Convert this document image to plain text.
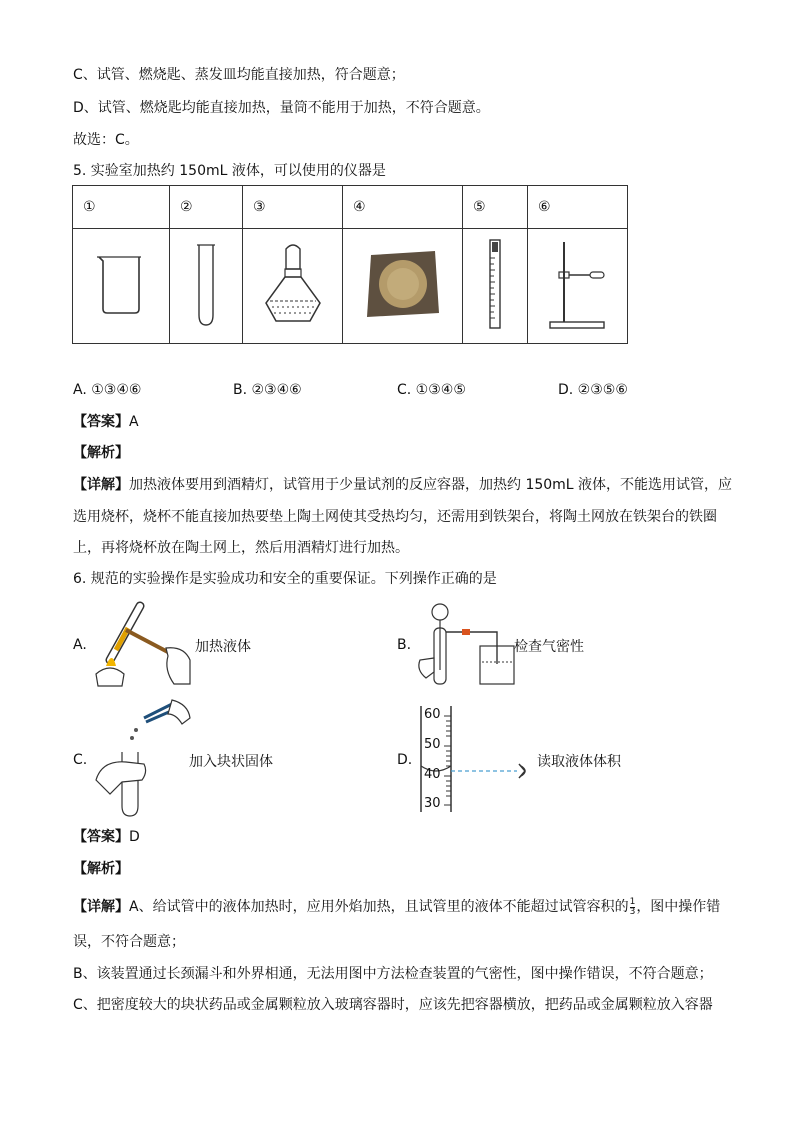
C、试管、燃烧匙、蒸发皿均能直接加热，符合题意；
D、试管、燃烧匙均能直接加热，量筒不能用于加热，不符合题意。
故选：C。
5. 实验室加热约 150mL 液体，可以使用的仪器是
①	②	③	④	⑤	⑥

A. ①③④⑥	B. ②③④⑥	C. ①③④⑤	D. ②③⑤⑥
【答案】A
【解析】
【详解】加热液体要用到酒精灯，试管用于少量试剂的反应容器，加热约 150mL 液体，不能选用试管，应
选用烧杯，烧杯不能直接加热要垫上陶土网使其受热均匀，还需用到铁架台，将陶土网放在铁架台的铁圈
上，再将烧杯放在陶土网上，然后用酒精灯进行加热。
6. 规范的实验操作是实验成功和安全的重要保证。下列操作正确的是
A.	加热液体	B.	检查气密性
C.	加入块状固体	D.
60
50
40
30
读取液体体积
【答案】D
【解析】
【详解】A、给试管中的液体加热时，应用外焰加热，且试管里的液体不能超过试管容积的 $\frac{1}{3}$ ，图中操作错
误，不符合题意；
B、该装置通过长颈漏斗和外界相通，无法用图中方法检查装置的气密性，图中操作错误，不符合题意；
C、把密度较大的块状药品或金属颗粒放入玻璃容器时，应该先把容器横放，把药品或金属颗粒放入容器
